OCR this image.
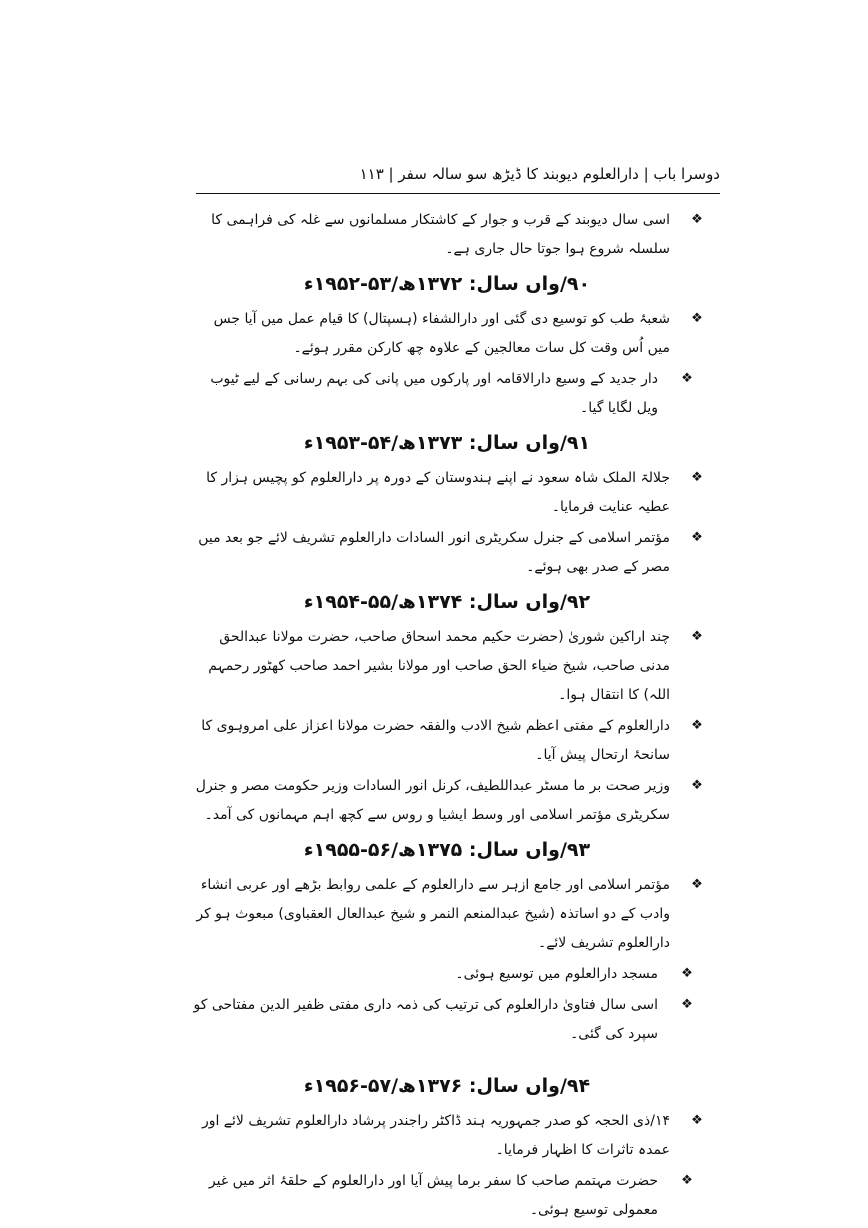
دوسرا باب | دارالعلوم دیوبند کا ڈیڑھ سو سالہ سفر | ۱۱۳
❖
اسی سال دیوبند کے قرب و جوار کے کاشتکار مسلمانوں سے غلہ کی فراہمی کا سلسلہ شروع ہوا جوتا حال جاری ہے۔
۹۰/واں سال: ۱۳۷۲ھ/۵۳-۱۹۵۲ء
❖
شعبۂ طب کو توسیع دی گئی اور دارالشفاء (ہسپتال) کا قیام عمل میں آیا جس میں اُس وقت کل سات معالجین کے علاوہ چھ کارکن مقرر ہوئے۔
❖
دار جدید کے وسیع دارالاقامہ اور پارکوں میں پانی کی بہم رسانی کے لیے ٹیوب ویل لگایا گیا۔
۹۱/واں سال: ۱۳۷۳ھ/۵۴-۱۹۵۳ء
❖
جلالۃ الملک شاہ سعود نے اپنے ہندوستان کے دورہ پر دارالعلوم کو پچیس ہزار کا عطیہ عنایت فرمایا۔
❖
مؤتمر اسلامی کے جنرل سکریٹری انور السادات دارالعلوم تشریف لائے جو بعد میں مصر کے صدر بھی ہوئے۔
۹۲/واں سال: ۱۳۷۴ھ/۵۵-۱۹۵۴ء
❖
چند اراکین شوریٰ (حضرت حکیم محمد اسحاق صاحب، حضرت مولانا عبدالحق مدنی صاحب، شیخ ضیاء الحق صاحب اور مولانا بشیر احمد صاحب کھٹور رحمہم اللہ) کا انتقال ہوا۔
❖
دارالعلوم کے مفتی اعظم شیخ الادب والفقہ حضرت مولانا اعزاز علی امروہوی کا سانحۂ ارتحال پیش آیا۔
❖
وزیر صحت بر ما مسٹر عبداللطیف، کرنل انور السادات وزیر حکومت مصر و جنرل سکریٹری مؤتمر اسلامی اور وسط ایشیا و روس سے کچھ اہم مہمانوں کی آمد۔
۹۳/واں سال: ۱۳۷۵ھ/۵۶-۱۹۵۵ء
❖
مؤتمر اسلامی اور جامع ازہر سے دارالعلوم کے علمی روابط بڑھے اور عربی انشاء وادب کے دو اساتذہ (شیخ عبدالمنعم النمر و شیخ عبدالعال العقباوی) مبعوث ہو کر دارالعلوم تشریف لائے۔
❖
مسجد دارالعلوم میں توسیع ہوئی۔
❖
اسی سال فتاویٰ دارالعلوم کی ترتیب کی ذمہ داری مفتی ظفیر الدین مفتاحی کو سپرد کی گئی۔
۹۴/واں سال: ۱۳۷۶ھ/۵۷-۱۹۵۶ء
❖
۱۴/ذی الحجہ کو صدر جمہوریہ ہند ڈاکٹر راجندر پرشاد دارالعلوم تشریف لائے اور عمدہ تاثرات کا اظہار فرمایا۔
❖
حضرت مہتمم صاحب کا سفر برما پیش آیا اور دارالعلوم کے حلقۂ اثر میں غیر معمولی توسیع ہوئی۔
